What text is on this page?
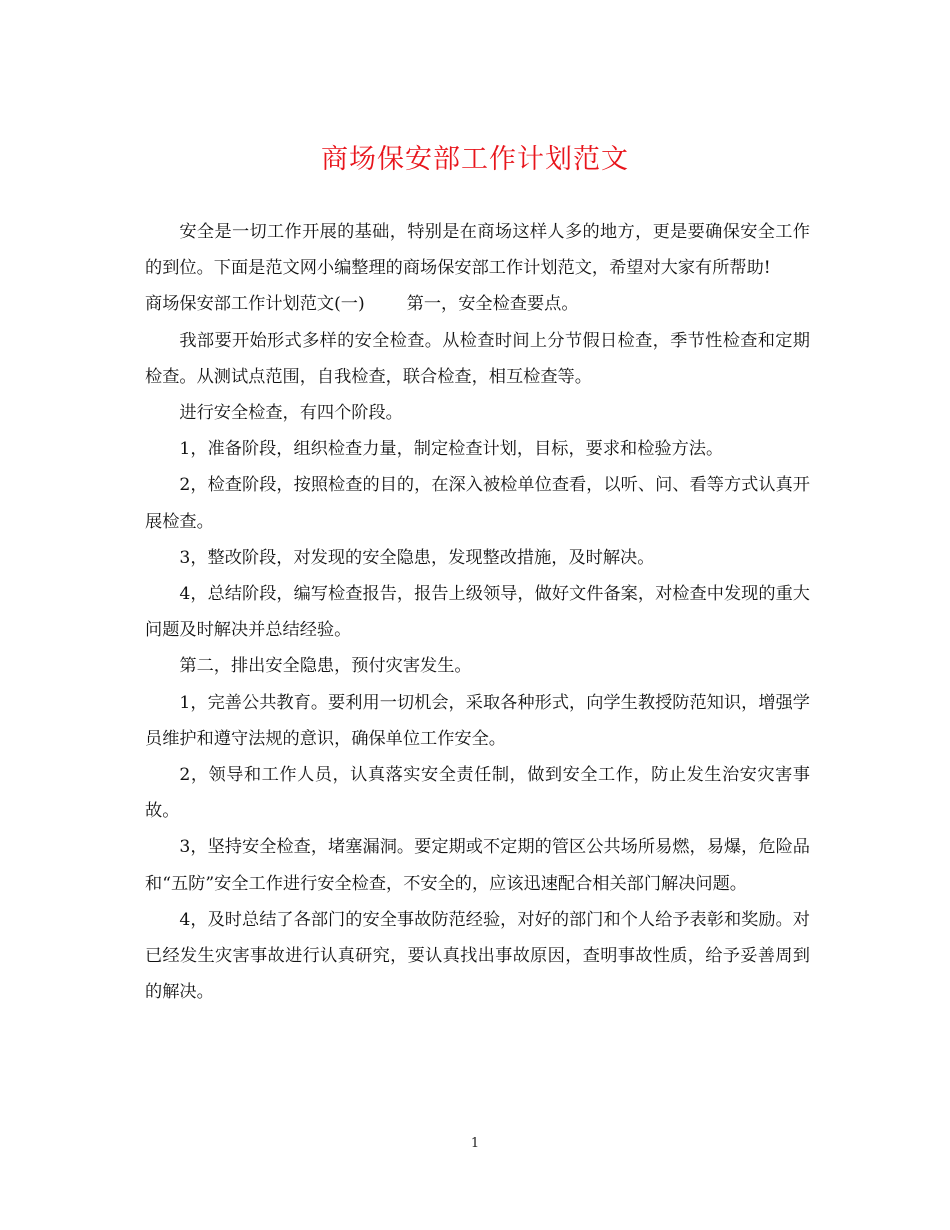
商场保安部工作计划范文

安全是一切工作开展的基础，特别是在商场这样人多的地方，更是要确保安全工作的到位。下面是范文网小编整理的商场保安部工作计划范文，希望对大家有所帮助!

商场保安部工作计划范文(一) 第一，安全检查要点。

我部要开始形式多样的安全检查。从检查时间上分节假日检查，季节性检查和定期检查。从测试点范围，自我检查，联合检查，相互检查等。

进行安全检查，有四个阶段。

1，准备阶段，组织检查力量，制定检查计划，目标，要求和检验方法。

2，检查阶段，按照检查的目的，在深入被检单位查看，以听、问、看等方式认真开展检查。

3，整改阶段，对发现的安全隐患，发现整改措施，及时解决。

4，总结阶段，编写检查报告，报告上级领导，做好文件备案，对检查中发现的重大问题及时解决并总结经验。

第二，排出安全隐患，预付灾害发生。

1，完善公共教育。要利用一切机会，采取各种形式，向学生教授防范知识，增强学员维护和遵守法规的意识，确保单位工作安全。

2，领导和工作人员，认真落实安全责任制，做到安全工作，防止发生治安灾害事故。

3，坚持安全检查，堵塞漏洞。要定期或不定期的管区公共场所易燃，易爆，危险品和“五防”安全工作进行安全检查，不安全的，应该迅速配合相关部门解决问题。

4，及时总结了各部门的安全事故防范经验，对好的部门和个人给予表彰和奖励。对已经发生灾害事故进行认真研究，要认真找出事故原因，查明事故性质，给予妥善周到的解决。

1
